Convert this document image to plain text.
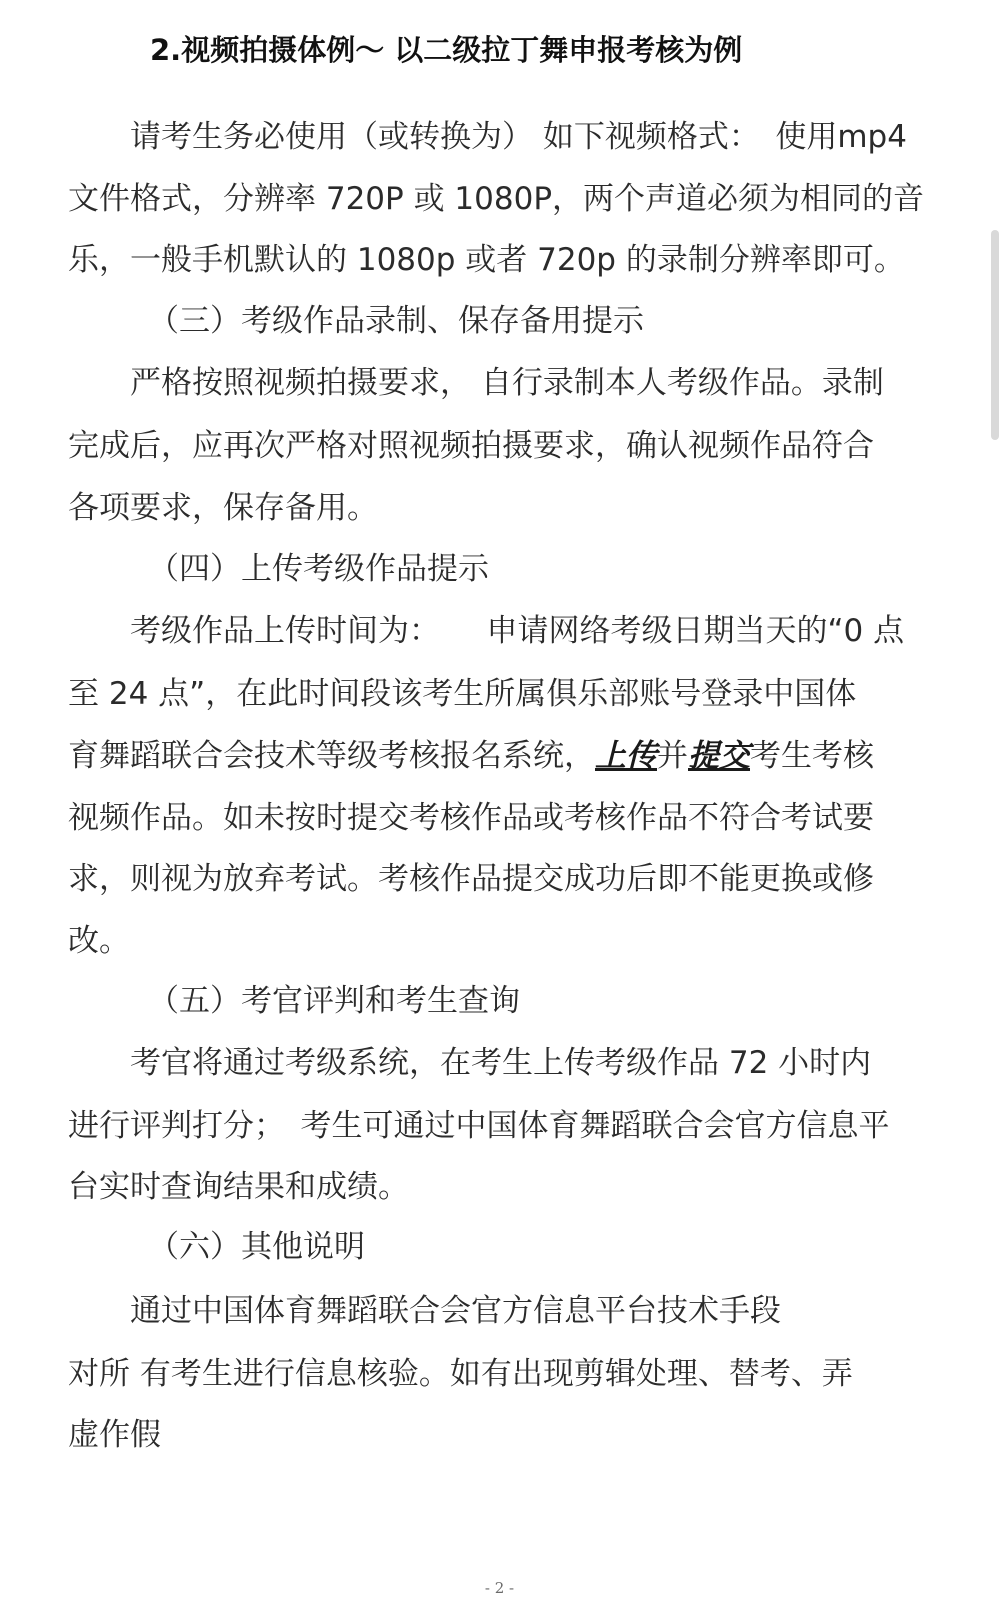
2.视频拍摄体例～ 以二级拉丁舞申报考核为例
请考生务必使用（或转换为） 如下视频格式：　使用mp4
文件格式，分辨率 720P 或 1080P，两个声道必须为相同的音
乐，一般手机默认的 1080p 或者 720p 的录制分辨率即可。
（三）考级作品录制、保存备用提示
严格按照视频拍摄要求， 自行录制本人考级作品。录制
完成后，应再次严格对照视频拍摄要求，确认视频作品符合
各项要求，保存备用。
（四）上传考级作品提示
考级作品上传时间为：　　申请网络考级日期当天的“0 点
至 24 点”，在此时间段该考生所属俱乐部账号登录中国体
育舞蹈联合会技术等级考核报名系统，上传并提交考生考核
视频作品。如未按时提交考核作品或考核作品不符合考试要
求，则视为放弃考试。考核作品提交成功后即不能更换或修
改。
（五）考官评判和考生查询
考官将通过考级系统，在考生上传考级作品 72 小时内
进行评判打分；　考生可通过中国体育舞蹈联合会官方信息平
台实时查询结果和成绩。
（六）其他说明
通过中国体育舞蹈联合会官方信息平台技术手段
对所 有考生进行信息核验。如有出现剪辑处理、替考、弄
虚作假
- 2 -
